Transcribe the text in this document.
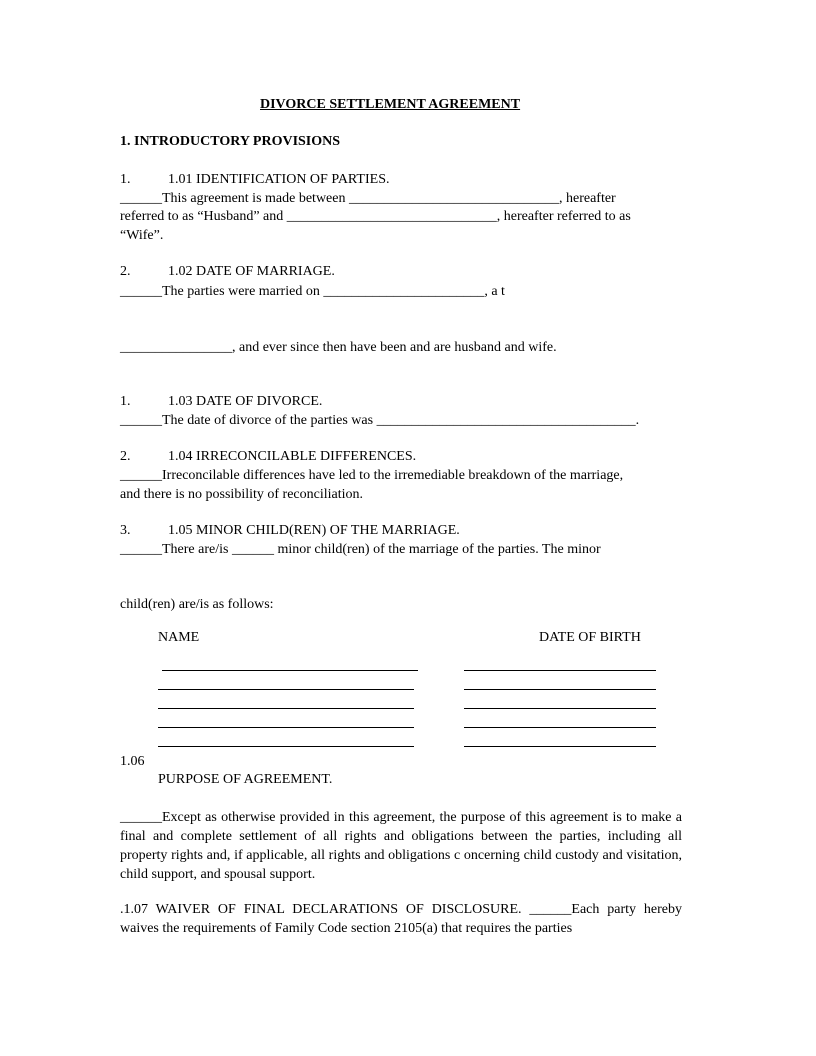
DIVORCE SETTLEMENT AGREEMENT
1. INTRODUCTORY PROVISIONS
1.	1.01 IDENTIFICATION OF PARTIES.
______This agreement is made between ______________________________, hereafter
referred to as “Husband” and ______________________________, hereafter referred to as
“Wife”.
2.	1.02 DATE OF MARRIAGE.
______The parties were married on _______________________, a t
________________, and ever since then have been and are husband and wife.
1.	1.03 DATE OF DIVORCE.
______The date of divorce of the parties was _____________________________________.
2.	1.04 IRRECONCILABLE DIFFERENCES.
______Irreconcilable differences have led to the irremediable breakdown of the marriage,
and there is no possibility of reconciliation.
3.	1.05 MINOR CHILD(REN) OF THE MARRIAGE.
______There are/is ______ minor child(ren) of the marriage of the parties. The minor
child(ren) are/is as follows:
NAME	DATE OF BIRTH
1.06
PURPOSE OF AGREEMENT.
______Except as otherwise provided in this agreement, the purpose of this agreement is to make a final and complete settlement of all rights and obligations between the parties, including all property rights and, if applicable, all rights and obligations c oncerning child custody and visitation, child support, and spousal support.
.1.07 WAIVER OF FINAL DECLARATIONS OF DISCLOSURE. ______Each party hereby waives the requirements of Family Code section 2105(a) that requires the parties
